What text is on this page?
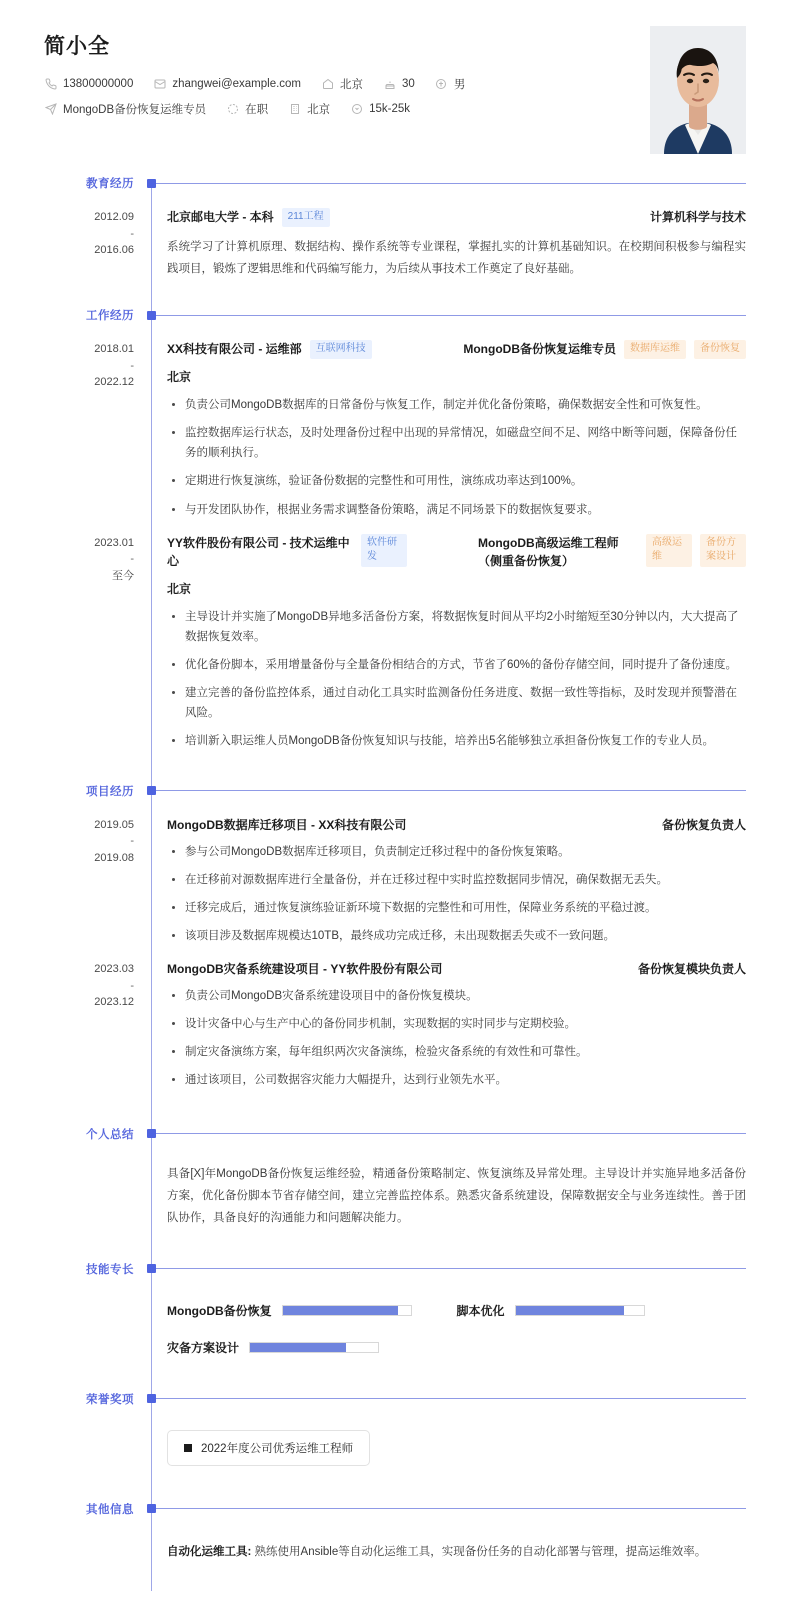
简小全
13800000000	zhangwei@example.com	北京	30	男
MongoDB备份恢复运维专员	在职	北京	15k-25k
教育经历
2012.09
-
2016.06
北京邮电大学 - 本科	211工程	计算机科学与技术
系统学习了计算机原理、数据结构、操作系统等专业课程，掌握扎实的计算机基础知识。在校期间积极参与编程实践项目，锻炼了逻辑思维和代码编写能力，为后续从事技术工作奠定了良好基础。
工作经历
2018.01
-
2022.12
XX科技有限公司 - 运维部	互联网科技	MongoDB备份恢复运维专员	数据库运维	备份恢复
北京
负责公司MongoDB数据库的日常备份与恢复工作，制定并优化备份策略，确保数据安全性和可恢复性。
监控数据库运行状态，及时处理备份过程中出现的异常情况，如磁盘空间不足、网络中断等问题，保障备份任务的顺利执行。
定期进行恢复演练，验证备份数据的完整性和可用性，演练成功率达到100%。
与开发团队协作，根据业务需求调整备份策略，满足不同场景下的数据恢复要求。
2023.01
-
至今
YY软件股份有限公司 - 技术运维中心
软件研发
MongoDB高级运维工程师（侧重备份恢复）
高级运维
备份方案设计
北京
主导设计并实施了MongoDB异地多活备份方案，将数据恢复时间从平均2小时缩短至30分钟以内，大大提高了数据恢复效率。
优化备份脚本，采用增量备份与全量备份相结合的方式，节省了60%的备份存储空间，同时提升了备份速度。
建立完善的备份监控体系，通过自动化工具实时监测备份任务进度、数据一致性等指标，及时发现并预警潜在风险。
培训新入职运维人员MongoDB备份恢复知识与技能，培养出5名能够独立承担备份恢复工作的专业人员。
项目经历
2019.05
-
2019.08
MongoDB数据库迁移项目 - XX科技有限公司	备份恢复负责人
参与公司MongoDB数据库迁移项目，负责制定迁移过程中的备份恢复策略。
在迁移前对源数据库进行全量备份，并在迁移过程中实时监控数据同步情况，确保数据无丢失。
迁移完成后，通过恢复演练验证新环境下数据的完整性和可用性，保障业务系统的平稳过渡。
该项目涉及数据库规模达10TB，最终成功完成迁移，未出现数据丢失或不一致问题。
2023.03
-
2023.12
MongoDB灾备系统建设项目 - YY软件股份有限公司	备份恢复模块负责人
负责公司MongoDB灾备系统建设项目中的备份恢复模块。
设计灾备中心与生产中心的备份同步机制，实现数据的实时同步与定期校验。
制定灾备演练方案，每年组织两次灾备演练，检验灾备系统的有效性和可靠性。
通过该项目，公司数据容灾能力大幅提升，达到行业领先水平。
个人总结
具备[X]年MongoDB备份恢复运维经验，精通备份策略制定、恢复演练及异常处理。主导设计并实施异地多活备份方案，优化备份脚本节省存储空间，建立完善监控体系。熟悉灾备系统建设，保障数据安全与业务连续性。善于团队协作，具备良好的沟通能力和问题解决能力。
技能专长
MongoDB备份恢复	脚本优化
灾备方案设计
荣誉奖项
2022年度公司优秀运维工程师
其他信息
自动化运维工具: 熟练使用Ansible等自动化运维工具，实现备份任务的自动化部署与管理，提高运维效率。
